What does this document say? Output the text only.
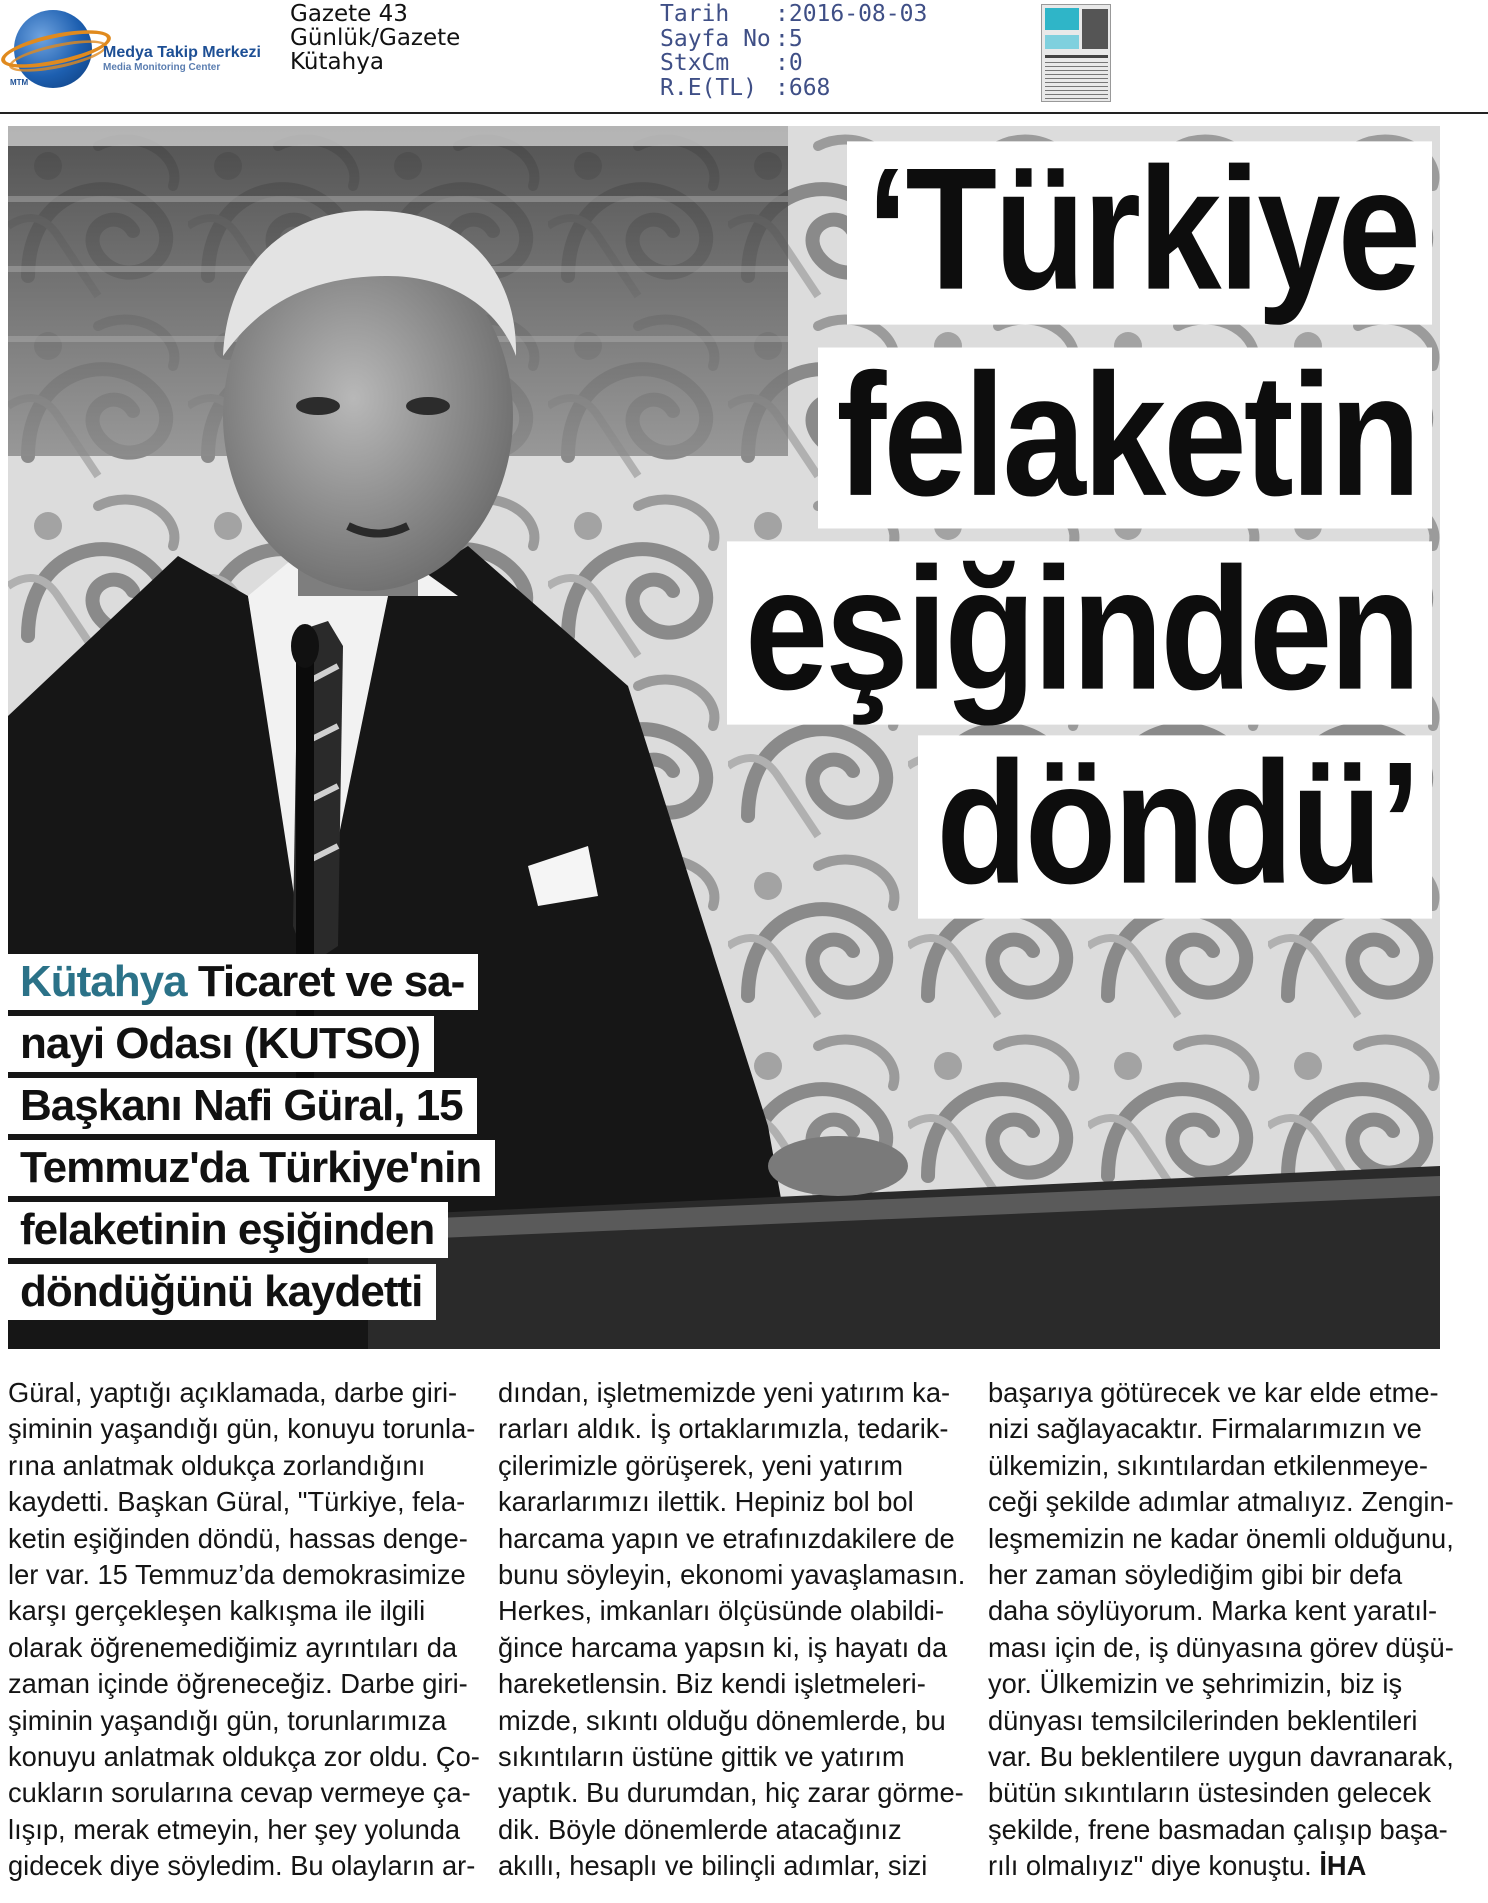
MTM
Medya Takip Merkezi
Media Monitoring Center
Gazete 43
Günlük/Gazete
Kütahya
Tarih	:2016-08-03
Sayfa No :5
StxCm	:0
R.E(TL) :668
‘Türkiye
felaketin
eşiğinden
döndü’
Kütahya Ticaret ve sa-
nayi Odası (KUTSO)
Başkanı Nafi Güral, 15
Temmuz'da Türkiye'nin
felaketinin eşiğinden
döndüğünü kaydetti

Güral, yaptığı açıklamada, darbe giri-

şiminin yaşandığı gün, konuyu torunla-

rına anlatmak oldukça zorlandığını

kaydetti. Başkan Güral, "Türkiye, fela-

ketin eşiğinden döndü, hassas denge-

ler var. 15 Temmuz’da demokrasimize

karşı gerçekleşen kalkışma ile ilgili

olarak öğrenemediğimiz ayrıntıları da

zaman içinde öğreneceğiz. Darbe giri-

şiminin yaşandığı gün, torunlarımıza

konuyu anlatmak oldukça zor oldu. Ço-

cukların sorularına cevap vermeye ça-

lışıp, merak etmeyin, her şey yolunda

gidecek diye söyledim. Bu olayların ar-

dından, işletmemizde yeni yatırım ka-

rarları aldık. İş ortaklarımızla, tedarik-

çilerimizle görüşerek, yeni yatırım

kararlarımızı ilettik. Hepiniz bol bol

harcama yapın ve etrafınızdakilere de

bunu söyleyin, ekonomi yavaşlamasın.

Herkes, imkanları ölçüsünde olabildi-

ğince harcama yapsın ki, iş hayatı da

hareketlensin. Biz kendi işletmeleri-

mizde, sıkıntı olduğu dönemlerde, bu

sıkıntıların üstüne gittik ve yatırım

yaptık. Bu durumdan, hiç zarar görme-

dik. Böyle dönemlerde atacağınız

akıllı, hesaplı ve bilinçli adımlar, sizi

başarıya götürecek ve kar elde etme-

nizi sağlayacaktır. Firmalarımızın ve

ülkemizin, sıkıntılardan etkilenmeye-

ceği şekilde adımlar atmalıyız. Zengin-

leşmemizin ne kadar önemli olduğunu,

her zaman söylediğim gibi bir defa

daha söylüyorum. Marka kent yaratıl-

ması için de, iş dünyasına görev düşü-

yor. Ülkemizin ve şehrimizin, biz iş

dünyası temsilcilerinden beklentileri

var. Bu beklentilere uygun davranarak,

bütün sıkıntıların üstesinden gelecek

şekilde, frene basmadan çalışıp başa-

rılı olmalıyız" diye konuştu. İHA
